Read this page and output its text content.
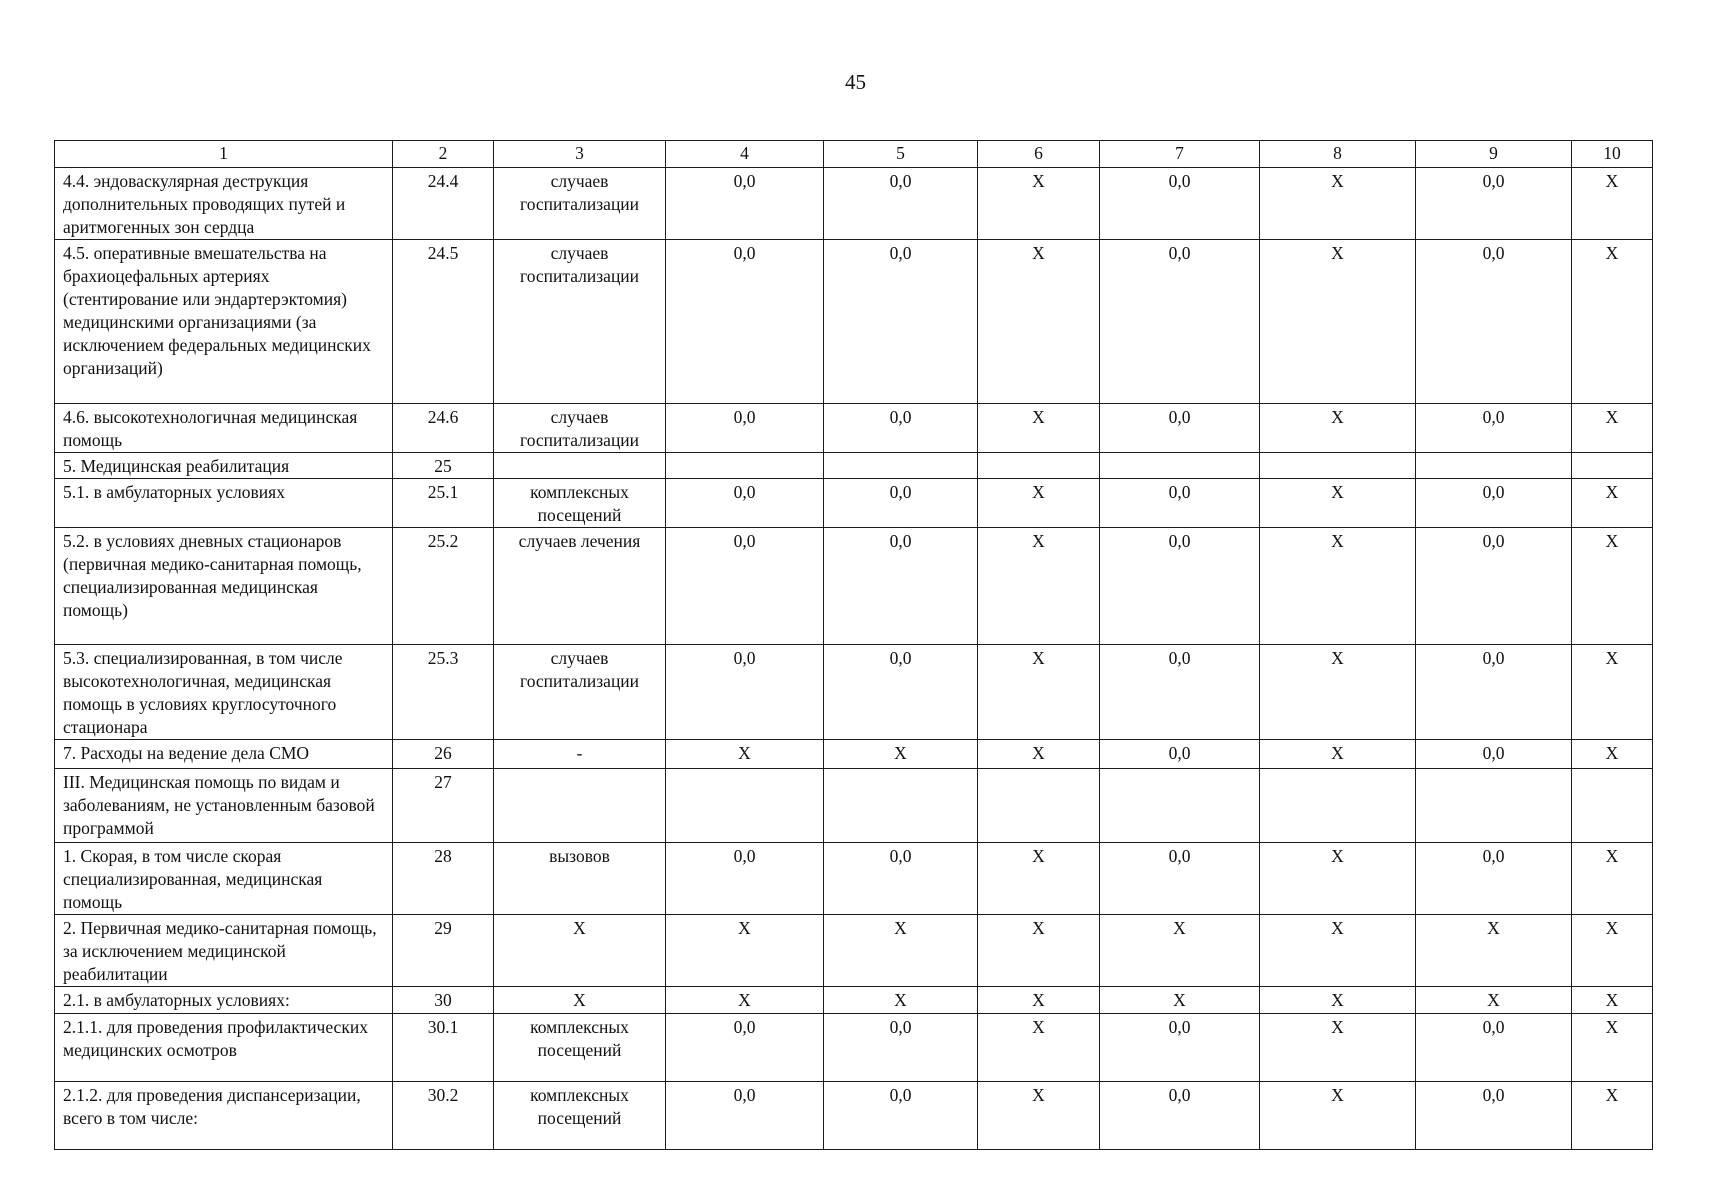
45
1	2	3	4	5	6	7	8	9	10
4.4. эндоваскулярная деструкция дополнительных проводящих путей и аритмогенных зон сердца	24.4	случаев госпитализации	0,0	0,0	Х	0,0	Х	0,0	Х
4.5. оперативные вмешательства на брахиоцефальных артериях (стентирование или эндартерэктомия) медицинскими организациями (за исключением федеральных медицинских организаций)	24.5	случаев госпитализации	0,0	0,0	Х	0,0	Х	0,0	Х
4.6. высокотехнологичная медицинская помощь	24.6	случаев госпитализации	0,0	0,0	Х	0,0	Х	0,0	Х
5. Медицинская реабилитация	25								
5.1. в амбулаторных условиях	25.1	комплексных посещений	0,0	0,0	Х	0,0	Х	0,0	Х
5.2. в условиях дневных стационаров (первичная медико-санитарная помощь, специализированная медицинская помощь)	25.2	случаев лечения	0,0	0,0	Х	0,0	Х	0,0	Х
5.3. специализированная, в том числе высокотехнологичная, медицинская помощь в условиях круглосуточного стационара	25.3	случаев госпитализации	0,0	0,0	Х	0,0	Х	0,0	Х
7. Расходы на ведение дела СМО	26	-	Х	Х	Х	0,0	Х	0,0	Х
III. Медицинская помощь по видам и заболеваниям, не установленным базовой программой	27								
1. Скорая, в том числе скорая специализированная, медицинская помощь	28	вызовов	0,0	0,0	Х	0,0	Х	0,0	Х
2. Первичная медико-санитарная помощь, за исключением медицинской реабилитации	29	Х	Х	Х	Х	Х	Х	Х	Х
2.1. в амбулаторных условиях:	30	Х	Х	Х	Х	Х	Х	Х	Х
2.1.1. для проведения профилактических медицинских осмотров	30.1	комплексных посещений	0,0	0,0	Х	0,0	Х	0,0	Х
2.1.2. для проведения диспансеризации, всего в том числе:	30.2	комплексных посещений	0,0	0,0	Х	0,0	Х	0,0	Х
